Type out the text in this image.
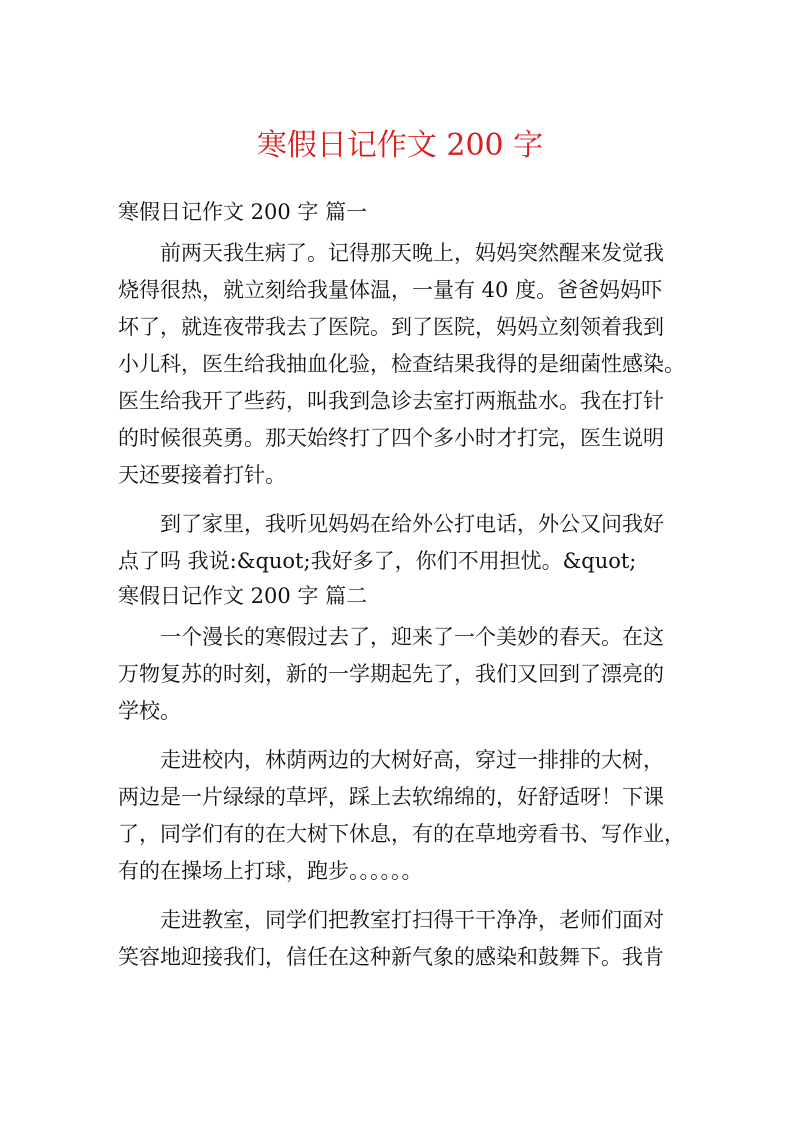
寒假日记作文 200 字

寒假日记作文 200 字 篇一

前两天我生病了。记得那天晚上，妈妈突然醒来发觉我
烧得很热，就立刻给我量体温，一量有 40 度。爸爸妈妈吓
坏了，就连夜带我去了医院。到了医院，妈妈立刻领着我到
小儿科，医生给我抽血化验，检查结果我得的是细菌性感染。
医生给我开了些药，叫我到急诊去室打两瓶盐水。我在打针
的时候很英勇。那天始终打了四个多小时才打完，医生说明
天还要接着打针。
到了家里，我听见妈妈在给外公打电话，外公又问我好
点了吗 我说:&quot;我好多了，你们不用担忧。&quot;

寒假日记作文 200 字 篇二

一个漫长的寒假过去了，迎来了一个美妙的春天。在这
万物复苏的时刻，新的一学期起先了，我们又回到了漂亮的
学校。
走进校内，林荫两边的大树好高，穿过一排排的大树，
两边是一片绿绿的草坪，踩上去软绵绵的，好舒适呀！下课
了，同学们有的在大树下休息，有的在草地旁看书、写作业，
有的在操场上打球，跑步。。。。。。
走进教室，同学们把教室打扫得干干净净，老师们面对
笑容地迎接我们，信任在这种新气象的感染和鼓舞下。我肯
